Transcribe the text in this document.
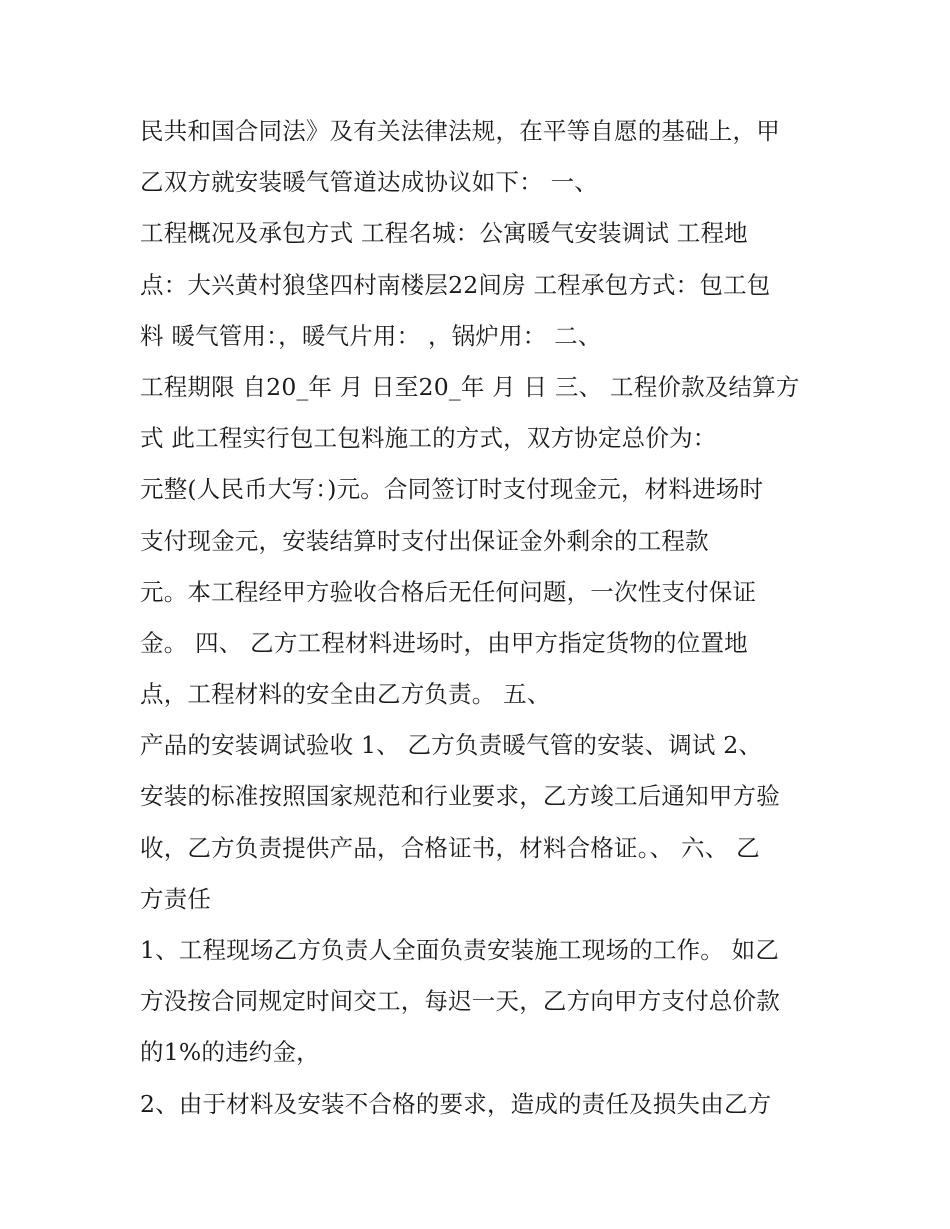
民共和国合同法》及有关法律法规，在平等自愿的基础上，甲
乙双方就安装暖气管道达成协议如下： 一、
工程概况及承包方式 工程名城：公寓暖气安装调试 工程地
点：大兴黄村狼垡四村南楼层22间房 工程承包方式：包工包
料 暖气管用：，暖气片用： ，锅炉用： 二、
工程期限 自20_年 月 日至20_年 月 日 三、 工程价款及结算方
式 此工程实行包工包料施工的方式，双方协定总价为：
元整(人民币大写：)元。合同签订时支付现金元，材料进场时
支付现金元，安装结算时支付出保证金外剩余的工程款
元。本工程经甲方验收合格后无任何问题，一次性支付保证
金。 四、 乙方工程材料进场时，由甲方指定货物的位置地
点，工程材料的安全由乙方负责。 五、
产品的安装调试验收 1、 乙方负责暖气管的安装、调试 2、
安装的标准按照国家规范和行业要求，乙方竣工后通知甲方验
收，乙方负责提供产品，合格证书，材料合格证。、 六、 乙
方责任
1、工程现场乙方负责人全面负责安装施工现场的工作。 如乙
方没按合同规定时间交工，每迟一天，乙方向甲方支付总价款
的1%的违约金，
2、由于材料及安装不合格的要求，造成的责任及损失由乙方
